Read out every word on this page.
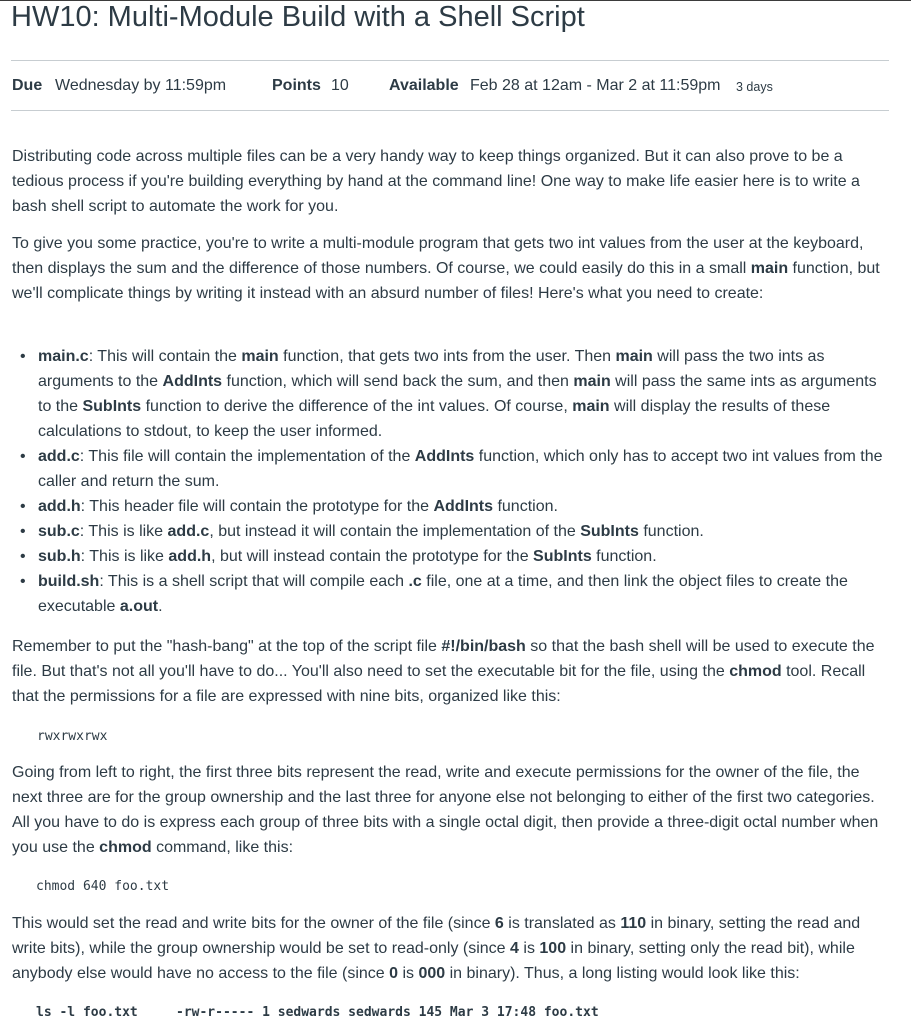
HW10: Multi-Module Build with a Shell Script
Due Wednesday by 11:59pm	Points 10	Available Feb 28 at 12am - Mar 2 at 11:59pm 3 days

Distributing code across multiple files can be a very handy way to keep things organized. But it can also prove to be a tedious process if you're building everything by hand at the command line! One way to make life easier here is to write a bash shell script to automate the work for you.

To give you some practice, you're to write a multi-module program that gets two int values from the user at the keyboard, then displays the sum and the difference of those numbers. Of course, we could easily do this in a small main function, but we'll complicate things by writing it instead with an absurd number of files! Here's what you need to create:

• main.c: This will contain the main function, that gets two ints from the user. Then main will pass the two ints as arguments to the AddInts function, which will send back the sum, and then main will pass the same ints as arguments to the SubInts function to derive the difference of the int values. Of course, main will display the results of these calculations to stdout, to keep the user informed.
• add.c: This file will contain the implementation of the AddInts function, which only has to accept two int values from the caller and return the sum.
• add.h: This header file will contain the prototype for the AddInts function.
• sub.c: This is like add.c, but instead it will contain the implementation of the SubInts function.
• sub.h: This is like add.h, but will instead contain the prototype for the SubInts function.
• build.sh: This is a shell script that will compile each .c file, one at a time, and then link the object files to create the executable a.out.

Remember to put the "hash-bang" at the top of the script file #!/bin/bash so that the bash shell will be used to execute the file. But that's not all you'll have to do... You'll also need to set the executable bit for the file, using the chmod tool. Recall that the permissions for a file are expressed with nine bits, organized like this:

rwxrwxrwx

Going from left to right, the first three bits represent the read, write and execute permissions for the owner of the file, the next three are for the group ownership and the last three for anyone else not belonging to either of the first two categories. All you have to do is express each group of three bits with a single octal digit, then provide a three-digit octal number when you use the chmod command, like this:

chmod 640 foo.txt

This would set the read and write bits for the owner of the file (since 6 is translated as 110 in binary, setting the read and write bits), while the group ownership would be set to read-only (since 4 is 100 in binary, setting only the read bit), while anybody else would have no access to the file (since 0 is 000 in binary). Thus, a long listing would look like this:

ls -l foo.txt	-rw-r----- 1 sedwards sedwards 145 Mar 3 17:48 foo.txt
